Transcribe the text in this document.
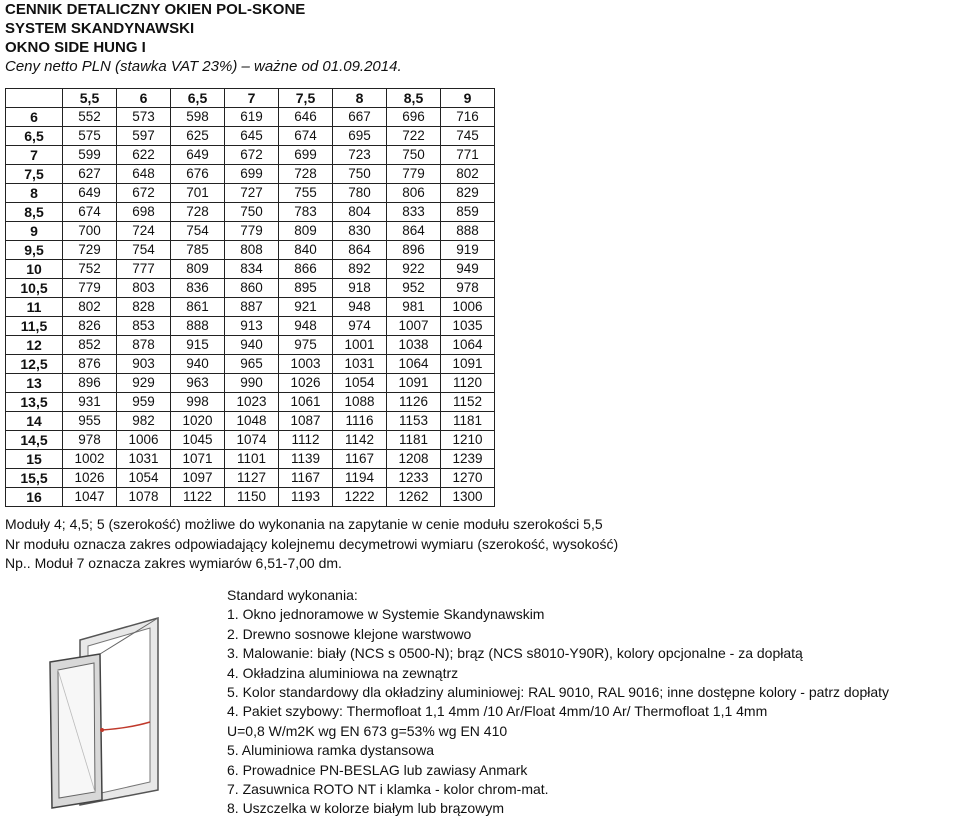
CENNIK DETALICZNY OKIEN POL-SKONE
SYSTEM SKANDYNAWSKI
OKNO SIDE HUNG I
Ceny netto PLN (stawka VAT 23%) – ważne od 01.09.2014.
	5,5	6	6,5	7	7,5	8	8,5	9
6	552	573	598	619	646	667	696	716
6,5	575	597	625	645	674	695	722	745
7	599	622	649	672	699	723	750	771
7,5	627	648	676	699	728	750	779	802
8	649	672	701	727	755	780	806	829
8,5	674	698	728	750	783	804	833	859
9	700	724	754	779	809	830	864	888
9,5	729	754	785	808	840	864	896	919
10	752	777	809	834	866	892	922	949
10,5	779	803	836	860	895	918	952	978
11	802	828	861	887	921	948	981	1006
11,5	826	853	888	913	948	974	1007	1035
12	852	878	915	940	975	1001	1038	1064
12,5	876	903	940	965	1003	1031	1064	1091
13	896	929	963	990	1026	1054	1091	1120
13,5	931	959	998	1023	1061	1088	1126	1152
14	955	982	1020	1048	1087	1116	1153	1181
14,5	978	1006	1045	1074	1112	1142	1181	1210
15	1002	1031	1071	1101	1139	1167	1208	1239
15,5	1026	1054	1097	1127	1167	1194	1233	1270
16	1047	1078	1122	1150	1193	1222	1262	1300
Moduły 4; 4,5; 5 (szerokość) możliwe do wykonania na zapytanie w cenie modułu szerokości 5,5
Nr modułu oznacza zakres odpowiadający kolejnemu decymetrowi wymiaru (szerokość, wysokość)
Np.. Moduł 7 oznacza zakres wymiarów 6,51-7,00 dm.
Standard wykonania:
1. Okno jednoramowe w Systemie Skandynawskim
2. Drewno sosnowe klejone warstwowo
3. Malowanie: biały (NCS s 0500-N); brąz (NCS s8010-Y90R), kolory opcjonalne - za dopłatą
4. Okładzina aluminiowa na zewnątrz
5. Kolor standardowy dla okładziny aluminiowej: RAL 9010, RAL 9016; inne dostępne kolory - patrz dopłaty
4. Pakiet szybowy: Thermofloat 1,1 4mm /10 Ar/Float 4mm/10 Ar/ Thermofloat 1,1 4mm
U=0,8 W/m2K wg EN 673 g=53% wg EN 410
5. Aluminiowa ramka dystansowa
6. Prowadnice PN-BESLAG lub zawiasy Anmark
7. Zasuwnica ROTO NT i klamka - kolor chrom-mat.
8. Uszczelka w kolorze białym lub brązowym
